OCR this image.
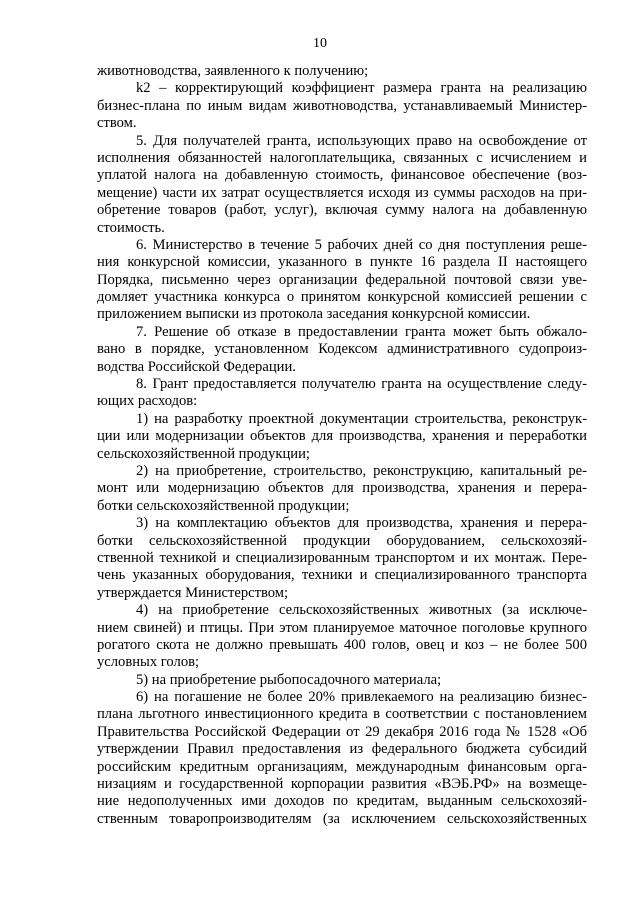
10
животноводства, заявленного к получению;
k2 – корректирующий коэффициент размера гранта на реализацию
бизнес-плана по иным видам животноводства, устанавливаемый Министер-
ством.
5. Для получателей гранта, использующих право на освобождение от
исполнения обязанностей налогоплательщика, связанных с исчислением и
уплатой налога на добавленную стоимость, финансовое обеспечение (воз-
мещение) части их затрат осуществляется исходя из суммы расходов на при-
обретение товаров (работ, услуг), включая сумму налога на добавленную
стоимость.
6. Министерство в течение 5 рабочих дней со дня поступления реше-
ния конкурсной комиссии, указанного в пункте 16 раздела II настоящего
Порядка, письменно через организации федеральной почтовой связи уве-
домляет участника конкурса о принятом конкурсной комиссией решении с
приложением выписки из протокола заседания конкурсной комиссии.
7. Решение об отказе в предоставлении гранта может быть обжало-
вано в порядке, установленном Кодексом административного судопроиз-
водства Российской Федерации.
8. Грант предоставляется получателю гранта на осуществление следу-
ющих расходов:
1) на разработку проектной документации строительства, реконструк-
ции или модернизации объектов для производства, хранения и переработки
сельскохозяйственной продукции;
2) на приобретение, строительство, реконструкцию, капитальный ре-
монт или модернизацию объектов для производства, хранения и перера-
ботки сельскохозяйственной продукции;
3) на комплектацию объектов для производства, хранения и перера-
ботки сельскохозяйственной продукции оборудованием, сельскохозяй-
ственной техникой и специализированным транспортом и их монтаж. Пере-
чень указанных оборудования, техники и специализированного транспорта
утверждается Министерством;
4) на приобретение сельскохозяйственных животных (за исключе-
нием свиней) и птицы. При этом планируемое маточное поголовье крупного
рогатого скота не должно превышать 400 голов, овец и коз – не более 500
условных голов;
5) на приобретение рыбопосадочного материала;
6) на погашение не более 20% привлекаемого на реализацию бизнес-
плана льготного инвестиционного кредита в соответствии с постановлением
Правительства Российской Федерации от 29 декабря 2016 года № 1528 «Об
утверждении Правил предоставления из федерального бюджета субсидий
российским кредитным организациям, международным финансовым орга-
низациям и государственной корпорации развития «ВЭБ.РФ» на возмеще-
ние недополученных ими доходов по кредитам, выданным сельскохозяй-
ственным товаропроизводителям (за исключением сельскохозяйственных
